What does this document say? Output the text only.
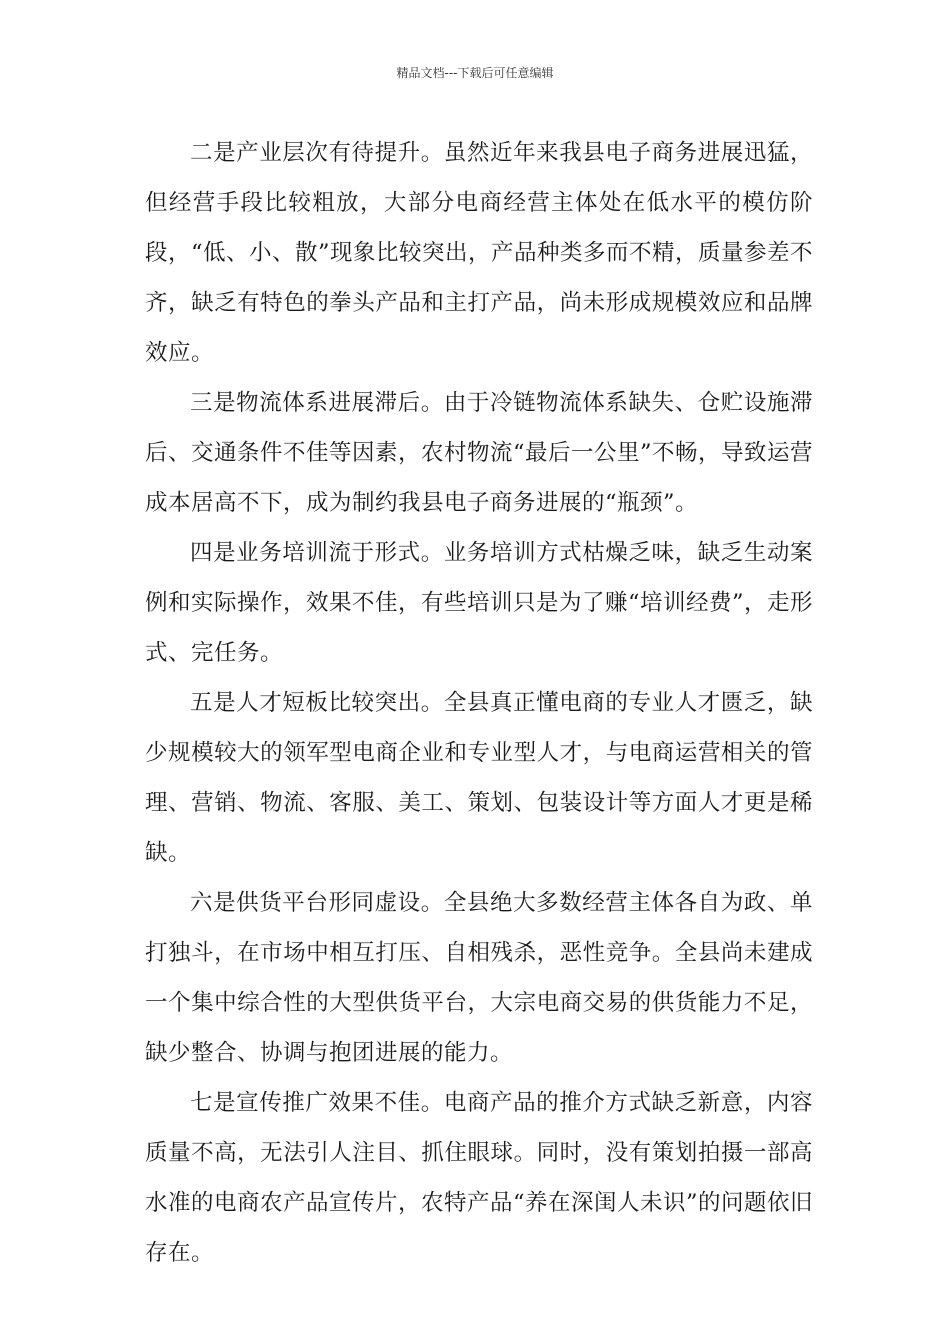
精品文档---下载后可任意编辑

二是产业层次有待提升。虽然近年来我县电子商务进展迅猛，但经营手段比较粗放，大部分电商经营主体处在低水平的模仿阶段，“低、小、散”现象比较突出，产品种类多而不精，质量参差不齐，缺乏有特色的拳头产品和主打产品，尚未形成规模效应和品牌效应。

三是物流体系进展滞后。由于冷链物流体系缺失、仓贮设施滞后、交通条件不佳等因素，农村物流“最后一公里”不畅，导致运营成本居高不下，成为制约我县电子商务进展的“瓶颈”。

四是业务培训流于形式。业务培训方式枯燥乏味，缺乏生动案例和实际操作，效果不佳，有些培训只是为了赚“培训经费”，走形式、完任务。

五是人才短板比较突出。全县真正懂电商的专业人才匮乏，缺少规模较大的领军型电商企业和专业型人才，与电商运营相关的管理、营销、物流、客服、美工、策划、包装设计等方面人才更是稀缺。

六是供货平台形同虚设。全县绝大多数经营主体各自为政、单打独斗，在市场中相互打压、自相残杀，恶性竞争。全县尚未建成一个集中综合性的大型供货平台，大宗电商交易的供货能力不足，缺少整合、协调与抱团进展的能力。

七是宣传推广效果不佳。电商产品的推介方式缺乏新意，内容质量不高，无法引人注目、抓住眼球。同时，没有策划拍摄一部高水准的电商农产品宣传片，农特产品“养在深闺人未识”的问题依旧存在。
